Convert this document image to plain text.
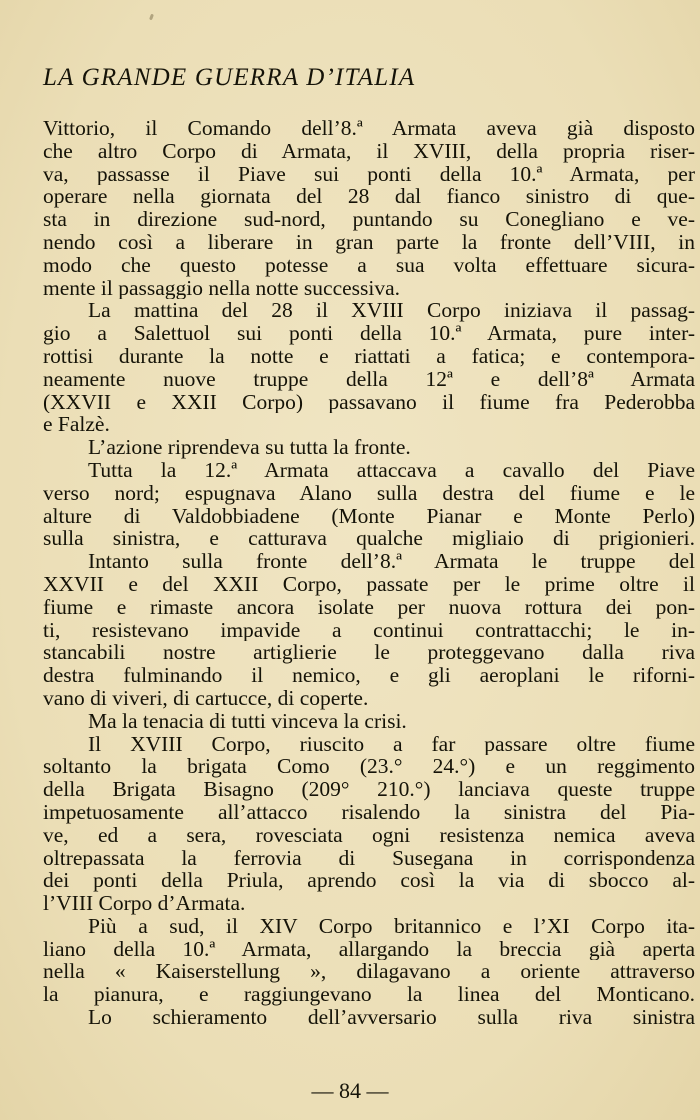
LA GRANDE GUERRA D’ITALIA
Vittorio, il Comando dell’8.ª Armata aveva già disposto
che altro Corpo di Armata, il XVIII, della propria riser-
va, passasse il Piave sui ponti della 10.ª Armata, per
operare nella giornata del 28 dal fianco sinistro di que-
sta in direzione sud-nord, puntando su Conegliano e ve-
nendo così a liberare in gran parte la fronte dell’VIII, in
modo che questo potesse a sua volta effettuare sicura-
mente il passaggio nella notte successiva.
La mattina del 28 il XVIII Corpo iniziava il passag-
gio a Salettuol sui ponti della 10.ª Armata, pure inter-
rottisi durante la notte e riattati a fatica; e contempora-
neamente nuove truppe della 12ª e dell’8ª Armata
(XXVII e XXII Corpo) passavano il fiume fra Pederobba
e Falzè.
L’azione riprendeva su tutta la fronte.
Tutta la 12.ª Armata attaccava a cavallo del Piave
verso nord; espugnava Alano sulla destra del fiume e le
alture di Valdobbiadene (Monte Pianar e Monte Perlo)
sulla sinistra, e catturava qualche migliaio di prigionieri.
Intanto sulla fronte dell’8.ª Armata le truppe del
XXVII e del XXII Corpo, passate per le prime oltre il
fiume e rimaste ancora isolate per nuova rottura dei pon-
ti, resistevano impavide a continui contrattacchi; le in-
stancabili nostre artiglierie le proteggevano dalla riva
destra fulminando il nemico, e gli aeroplani le riforni-
vano di viveri, di cartucce, di coperte.
Ma la tenacia di tutti vinceva la crisi.
Il XVIII Corpo, riuscito a far passare oltre fiume
soltanto la brigata Como (23.° 24.°) e un reggimento
della Brigata Bisagno (209° 210.°) lanciava queste truppe
impetuosamente all’attacco risalendo la sinistra del Pia-
ve, ed a sera, rovesciata ogni resistenza nemica aveva
oltrepassata la ferrovia di Susegana in corrispondenza
dei ponti della Priula, aprendo così la via di sbocco al-
l’VIII Corpo d’Armata.
Più a sud, il XIV Corpo britannico e l’XI Corpo ita-
liano della 10.ª Armata, allargando la breccia già aperta
nella « Kaiserstellung », dilagavano a oriente attraverso
la pianura, e raggiungevano la linea del Monticano.
Lo schieramento dell’avversario sulla riva sinistra
— 84 —
